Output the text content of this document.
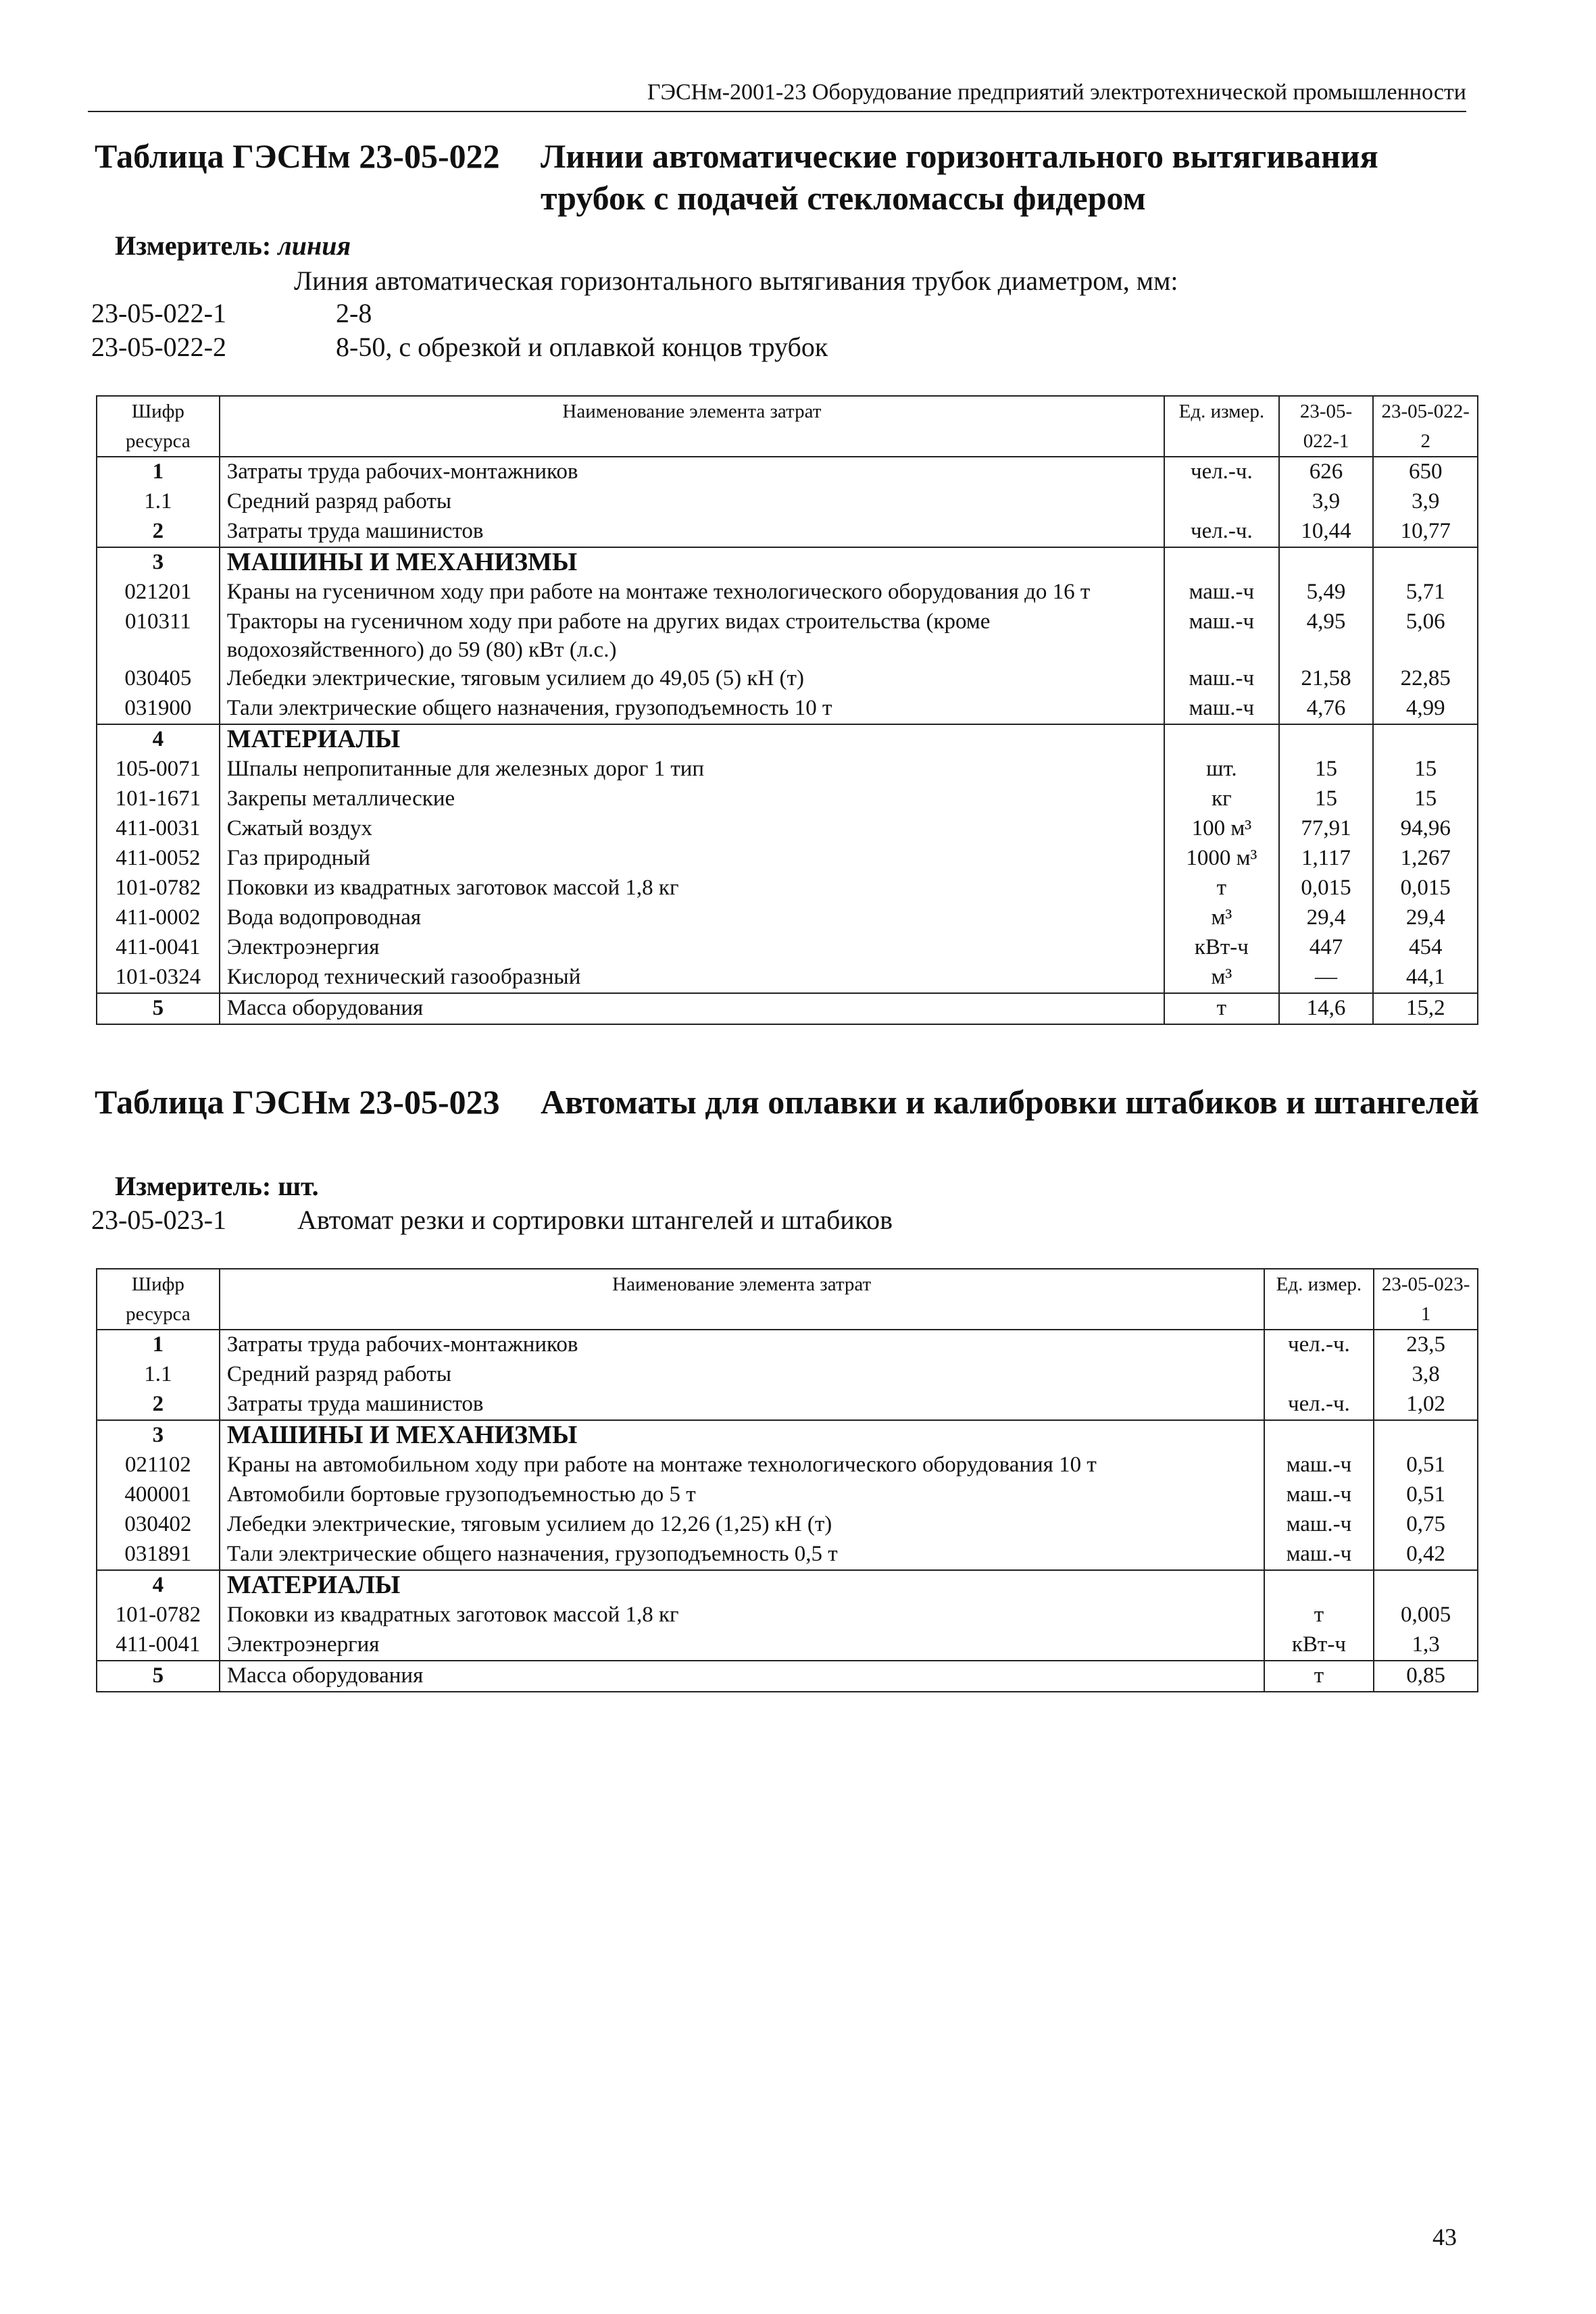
ГЭСНм-2001-23 Оборудование предприятий электротехнической промышленности
Таблица ГЭСНм 23-05-022	Линии автоматические горизонтального вытягивания трубок с подачей стекломассы фидером
Измеритель: линия
Линия автоматическая горизонтального вытягивания трубок диаметром, мм:
23-05-022-1	2-8
23-05-022-2	8-50, с обрезкой и оплавкой концов трубок
Шифр ресурса	Наименование элемента затрат	Ед. измер.	23-05-022-1	23-05-022-2
1	Затраты труда рабочих-монтажников	чел.-ч.	626	650
1.1	Средний разряд работы		3,9	3,9
2	Затраты труда машинистов	чел.-ч.	10,44	10,77
3	МАШИНЫ И МЕХАНИЗМЫ			
021201	Краны на гусеничном ходу при работе на монтаже технологического оборудования до 16 т	маш.-ч	5,49	5,71
010311	Тракторы на гусеничном ходу при работе на других видах строительства (кроме водохозяйственного) до 59 (80) кВт (л.с.)	маш.-ч	4,95	5,06
030405	Лебедки электрические, тяговым усилием до 49,05 (5) кН (т)	маш.-ч	21,58	22,85
031900	Тали электрические общего назначения, грузоподъемность 10 т	маш.-ч	4,76	4,99
4	МАТЕРИАЛЫ			
105-0071	Шпалы непропитанные для железных дорог 1 тип	шт.	15	15
101-1671	Закрепы металлические	кг	15	15
411-0031	Сжатый воздух	100 м³	77,91	94,96
411-0052	Газ природный	1000 м³	1,117	1,267
101-0782	Поковки из квадратных заготовок массой 1,8 кг	т	0,015	0,015
411-0002	Вода водопроводная	м³	29,4	29,4
411-0041	Электроэнергия	кВт-ч	447	454
101-0324	Кислород технический газообразный	м³	—	44,1
5	Масса оборудования	т	14,6	15,2
Таблица ГЭСНм 23-05-023	Автоматы для оплавки и калибровки штабиков и штангелей
Измеритель: шт.
23-05-023-1	Автомат резки и сортировки штангелей и штабиков
Шифр ресурса	Наименование элемента затрат	Ед. измер.	23-05-023-1
1	Затраты труда рабочих-монтажников	чел.-ч.	23,5
1.1	Средний разряд работы		3,8
2	Затраты труда машинистов	чел.-ч.	1,02
3	МАШИНЫ И МЕХАНИЗМЫ		
021102	Краны на автомобильном ходу при работе на монтаже технологического оборудования 10 т	маш.-ч	0,51
400001	Автомобили бортовые грузоподъемностью до 5 т	маш.-ч	0,51
030402	Лебедки электрические, тяговым усилием до 12,26 (1,25) кН (т)	маш.-ч	0,75
031891	Тали электрические общего назначения, грузоподъемность 0,5 т	маш.-ч	0,42
4	МАТЕРИАЛЫ		
101-0782	Поковки из квадратных заготовок массой 1,8 кг	т	0,005
411-0041	Электроэнергия	кВт-ч	1,3
5	Масса оборудования	т	0,85
43
